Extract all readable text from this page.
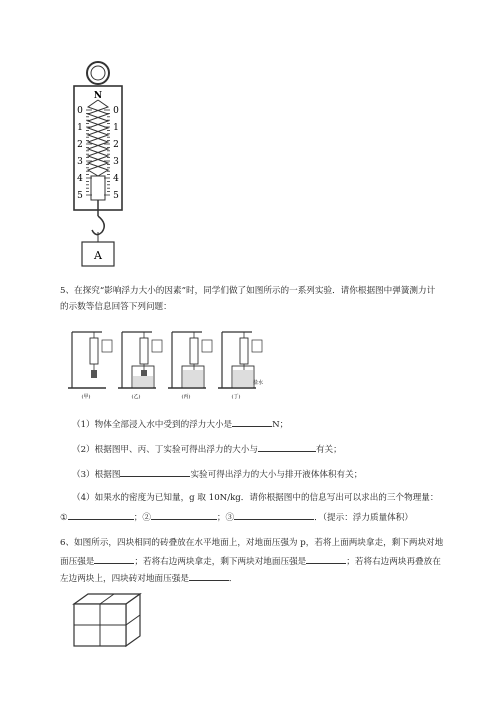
N
0	0
1	1
2	2
3	3
4	4
5	5
A
5、在探究“影响浮力大小的因素”时，同学们做了如图所示的一系列实验．请你根据图中弹簧测力计
的示数等信息回答下列问题：
(甲)	(乙)	(丙)	(丁)
盐水
（1）物体全部浸入水中受到的浮力大小是	N；
（2）根据图甲、丙、丁实验可得出浮力的大小与	有关；
（3）根据图	实验可得出浮力的大小与排开液体体积有关；
（4）如果水的密度为已知量，g 取 10N/kg．请你根据图中的信息写出可以求出的三个物理量：
①	；②	；③	．（提示：浮力质量体积）
6、如图所示，四块相同的砖叠放在水平地面上，对地面压强为 p，若将上面两块拿走，剩下两块对地
面压强是	；若将右边两块拿走，剩下两块对地面压强是	；若将右边两块再叠放在
左边两块上，四块砖对地面压强是	．
